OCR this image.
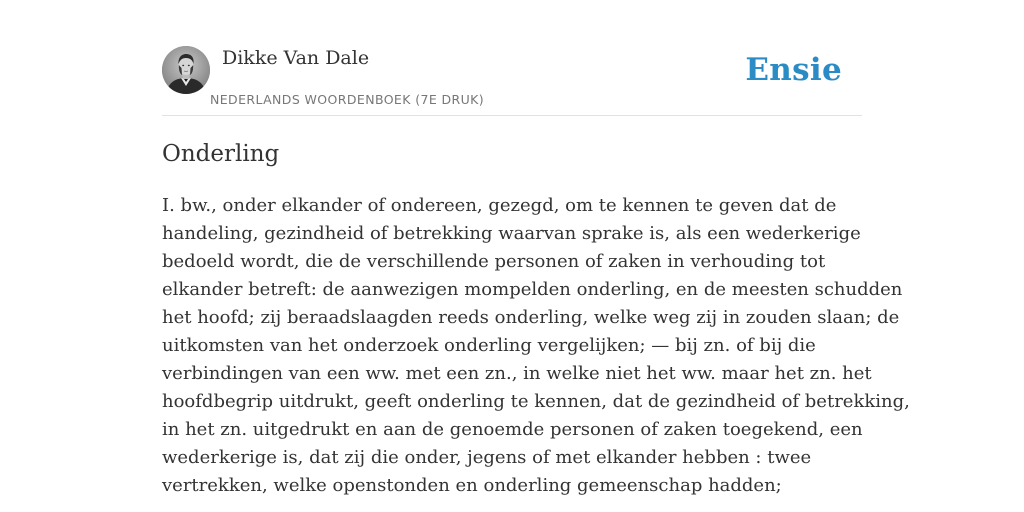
Dikke Van Dale
NEDERLANDS WOORDENBOEK (7E DRUK)
Ensie
Onderling
I. bw., onder elkander of ondereen, gezegd, om te kennen te geven dat de
handeling, gezindheid of betrekking waarvan sprake is, als een wederkerige
bedoeld wordt, die de verschillende personen of zaken in verhouding tot
elkander betreft: de aanwezigen mompelden onderling, en de meesten schudden
het hoofd; zij beraadslaagden reeds onderling, welke weg zij in zouden slaan; de
uitkomsten van het onderzoek onderling vergelijken; — bij zn. of bij die
verbindingen van een ww. met een zn., in welke niet het ww. maar het zn. het
hoofdbegrip uitdrukt, geeft onderling te kennen, dat de gezindheid of betrekking,
in het zn. uitgedrukt en aan de genoemde personen of zaken toegekend, een
wederkerige is, dat zij die onder, jegens of met elkander hebben : twee
vertrekken, welke openstonden en onderling gemeenschap hadden;
